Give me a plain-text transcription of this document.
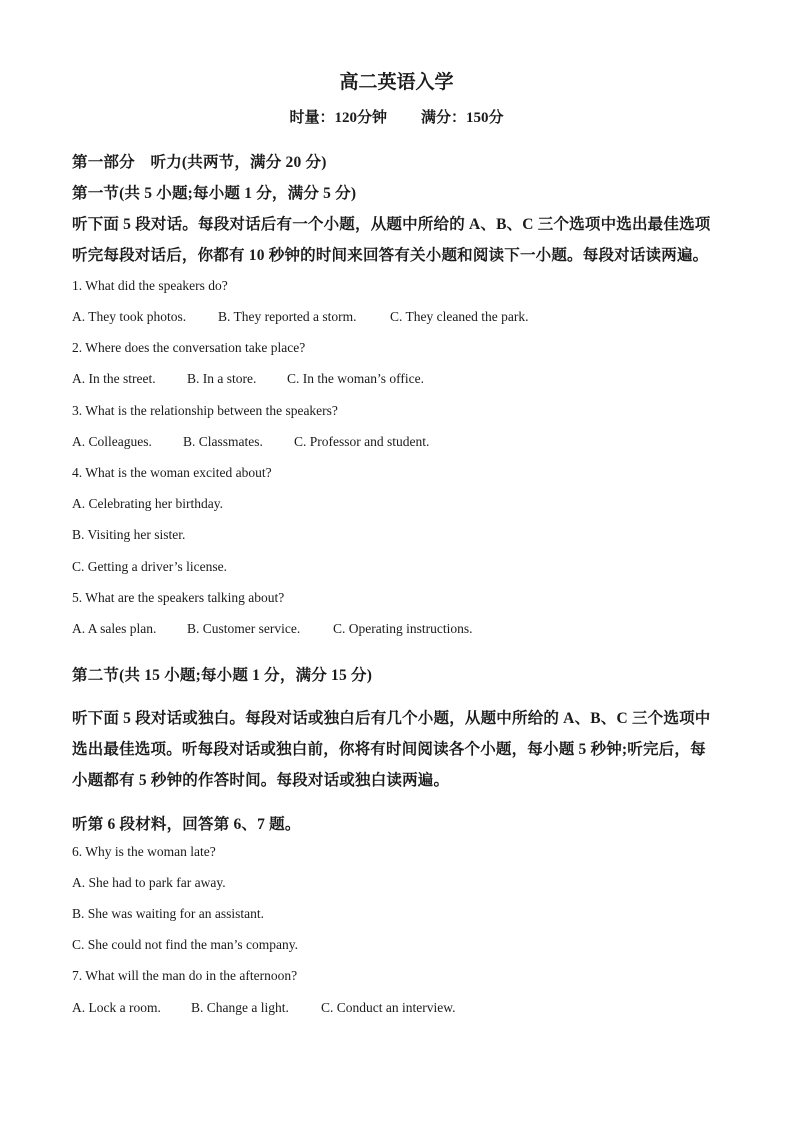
高二英语入学
时量：120分钟 满分：150分
第一部分　听力(共两节，满分 20 分)
第一节(共 5 小题;每小题 1 分，满分 5 分)
听下面 5 段对话。每段对话后有一个小题，从题中所给的 A、B、C 三个选项中选出最佳选项
听完每段对话后，你都有 10 秒钟的时间来回答有关小题和阅读下一小题。每段对话读两遍。
1. What did the speakers do?
A. They took photos. B. They reported a storm. C. They cleaned the park.
2. Where does the conversation take place?
A. In the street. B. In a store. C. In the woman’s office.
3. What is the relationship between the speakers?
A. Colleagues. B. Classmates. C. Professor and student.
4. What is the woman excited about?
A. Celebrating her birthday.
B. Visiting her sister.
C. Getting a driver’s license.
5. What are the speakers talking about?
A. A sales plan. B. Customer service. C. Operating instructions.
第二节(共 15 小题;每小题 1 分，满分 15 分)
听下面 5 段对话或独白。每段对话或独白后有几个小题，从题中所给的 A、B、C 三个选项中
选出最佳选项。听每段对话或独白前，你将有时间阅读各个小题，每小题 5 秒钟;听完后，每
小题都有 5 秒钟的作答时间。每段对话或独白读两遍。
听第 6 段材料，回答第 6、7 题。
6. Why is the woman late?
A. She had to park far away.
B. She was waiting for an assistant.
C. She could not find the man’s company.
7. What will the man do in the afternoon?
A. Lock a room. B. Change a light. C. Conduct an interview.
